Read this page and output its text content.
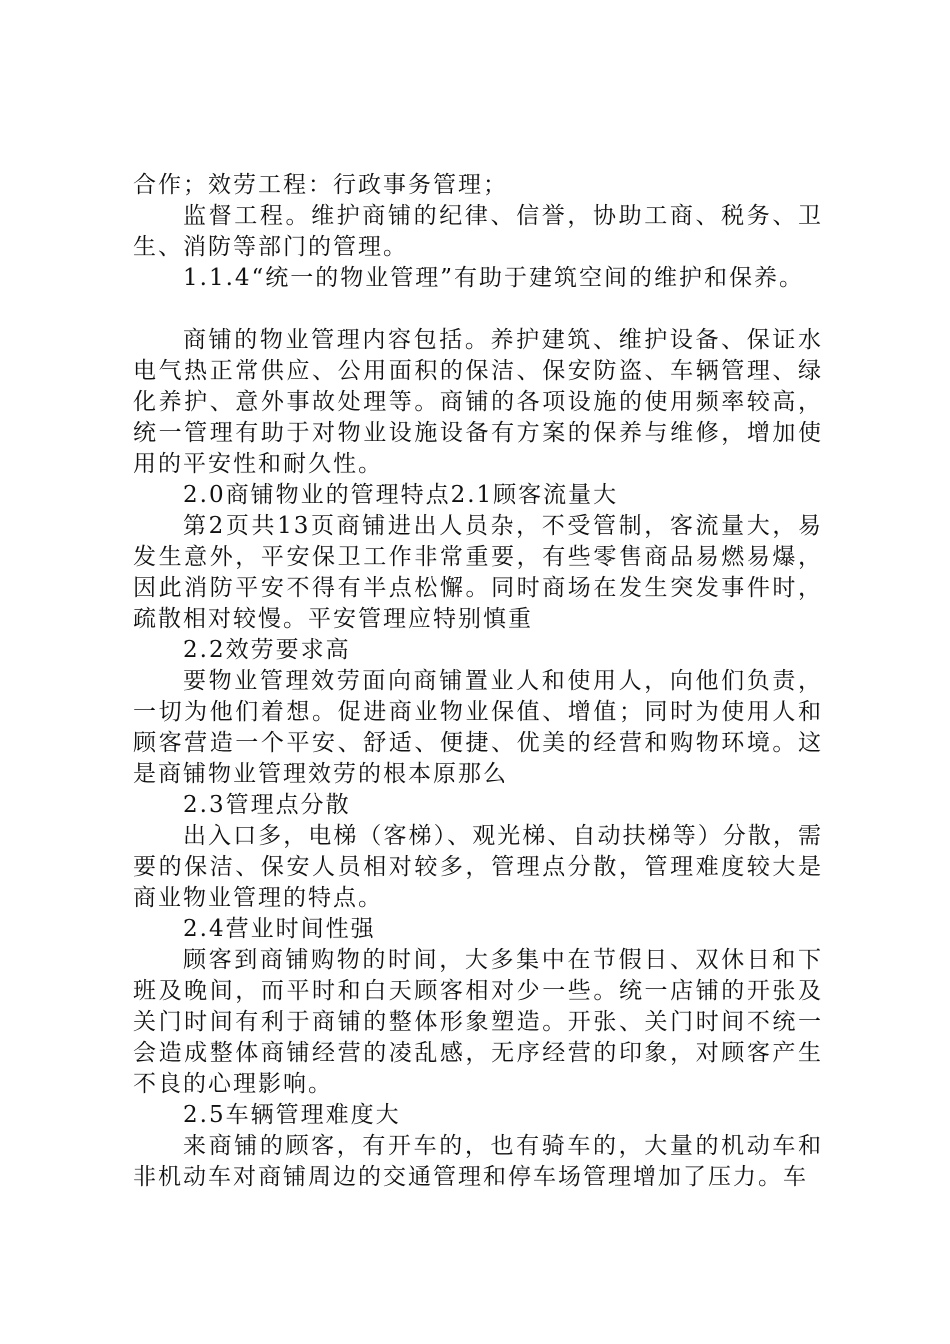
合作；效劳工程：行政事务管理；

监督工程。维护商铺的纪律、信誉，协助工商、税务、卫生、消防等部门的管理。

1.1.4“统一的物业管理”有助于建筑空间的维护和保养。

商铺的物业管理内容包括。养护建筑、维护设备、保证水电气热正常供应、公用面积的保洁、保安防盗、车辆管理、绿化养护、意外事故处理等。商铺的各项设施的使用频率较高，统一管理有助于对物业设施设备有方案的保养与维修，增加使用的平安性和耐久性。

2.0商铺物业的管理特点2.1顾客流量大

第2页共13页商铺进出人员杂，不受管制，客流量大，易发生意外，平安保卫工作非常重要，有些零售商品易燃易爆，因此消防平安不得有半点松懈。同时商场在发生突发事件时，疏散相对较慢。平安管理应特别慎重

2.2效劳要求高

要物业管理效劳面向商铺置业人和使用人，向他们负责，一切为他们着想。促进商业物业保值、增值；同时为使用人和顾客营造一个平安、舒适、便捷、优美的经营和购物环境。这是商铺物业管理效劳的根本原那么

2.3管理点分散

出入口多，电梯（客梯）、观光梯、自动扶梯等）分散，需要的保洁、保安人员相对较多，管理点分散，管理难度较大是商业物业管理的特点。

2.4营业时间性强

顾客到商铺购物的时间，大多集中在节假日、双休日和下班及晚间，而平时和白天顾客相对少一些。统一店铺的开张及关门时间有利于商铺的整体形象塑造。开张、关门时间不统一会造成整体商铺经营的凌乱感，无序经营的印象，对顾客产生不良的心理影响。

2.5车辆管理难度大

来商铺的顾客，有开车的，也有骑车的，大量的机动车和非机动车对商铺周边的交通管理和停车场管理增加了压力。车
